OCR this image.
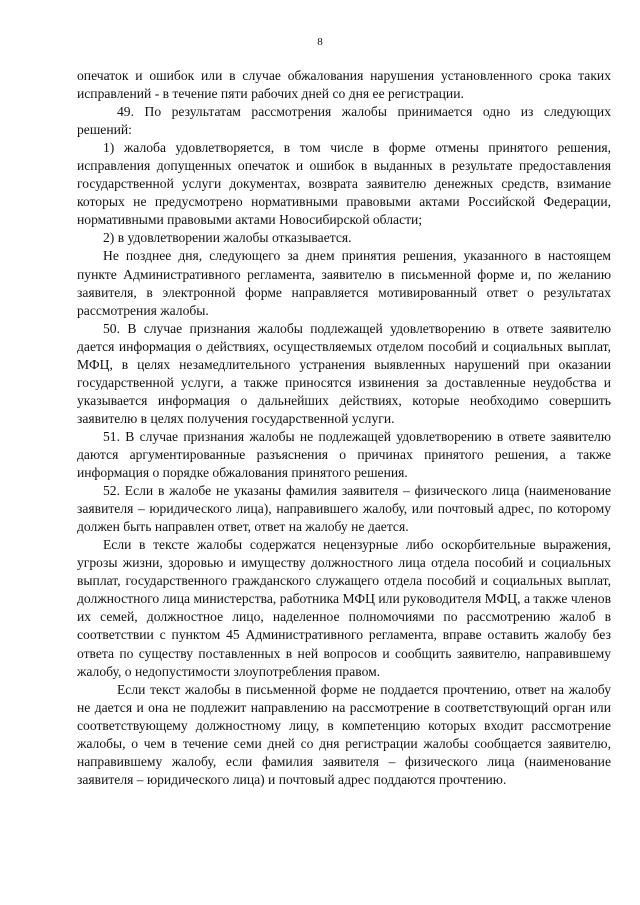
8

опечаток и ошибок или в случае обжалования нарушения установленного срока таких исправлений - в течение пяти рабочих дней со дня ее регистрации.

49. По результатам рассмотрения жалобы принимается одно из следующих решений:

1) жалоба удовлетворяется, в том числе в форме отмены принятого решения, исправления допущенных опечаток и ошибок в выданных в результате предоставления государственной услуги документах, возврата заявителю денежных средств, взимание которых не предусмотрено нормативными правовыми актами Российской Федерации, нормативными правовыми актами Новосибирской области;

2) в удовлетворении жалобы отказывается.

Не позднее дня, следующего за днем принятия решения, указанного в настоящем пункте Административного регламента, заявителю в письменной форме и, по желанию заявителя, в электронной форме направляется мотивированный ответ о результатах рассмотрения жалобы.

50. В случае признания жалобы подлежащей удовлетворению в ответе заявителю дается информация о действиях, осуществляемых отделом пособий и социальных выплат, МФЦ, в целях незамедлительного устранения выявленных нарушений при оказании государственной услуги, а также приносятся извинения за доставленные неудобства и указывается информация о дальнейших действиях, которые необходимо совершить заявителю в целях получения государственной услуги.

51. В случае признания жалобы не подлежащей удовлетворению в ответе заявителю даются аргументированные разъяснения о причинах принятого решения, а также информация о порядке обжалования принятого решения.

52. Если в жалобе не указаны фамилия заявителя – физического лица (наименование заявителя – юридического лица), направившего жалобу, или почтовый адрес, по которому должен быть направлен ответ, ответ на жалобу не дается.

Если в тексте жалобы содержатся нецензурные либо оскорбительные выражения, угрозы жизни, здоровью и имуществу должностного лица отдела пособий и социальных выплат, государственного гражданского служащего отдела пособий и социальных выплат, должностного лица министерства, работника МФЦ или руководителя МФЦ, а также членов их семей, должностное лицо, наделенное полномочиями по рассмотрению жалоб в соответствии с пунктом 45 Административного регламента, вправе оставить жалобу без ответа по существу поставленных в ней вопросов и сообщить заявителю, направившему жалобу, о недопустимости злоупотребления правом.

Если текст жалобы в письменной форме не поддается прочтению, ответ на жалобу не дается и она не подлежит направлению на рассмотрение в соответствующий орган или соответствующему должностному лицу, в компетенцию которых входит рассмотрение жалобы, о чем в течение семи дней со дня регистрации жалобы сообщается заявителю, направившему жалобу, если фамилия заявителя – физического лица (наименование заявителя – юридического лица) и почтовый адрес поддаются прочтению.
